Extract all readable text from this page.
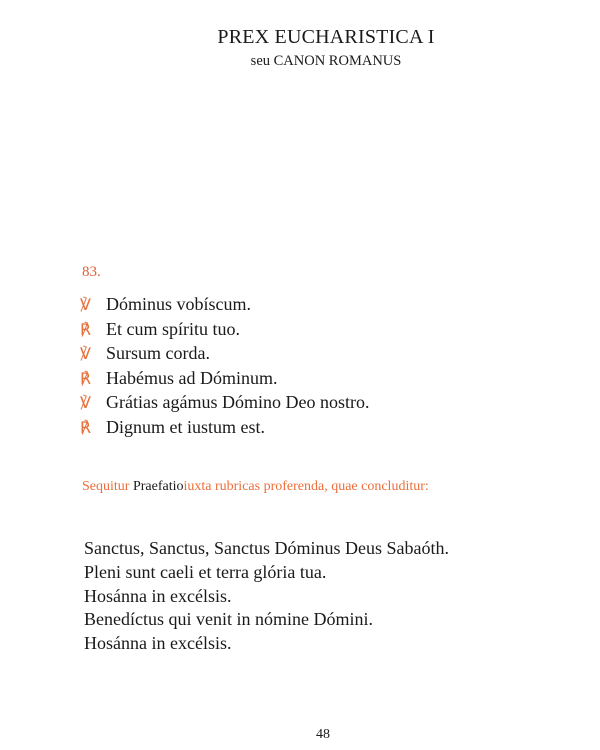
PREX EUCHARISTICA I
seu CANON ROMANUS
83.
℣ Dóminus vobíscum.
℟ Et cum spíritu tuo.
℣ Sursum corda.
℟ Habémus ad Dóminum.
℣ Grátias agámus Dómino Deo nostro.
℟ Dignum et iustum est.
Sequitur Praefatioiuxta rubricas proferenda, quae concluditur:
Sanctus, Sanctus, Sanctus Dóminus Deus Sabaóth.
Pleni sunt caeli et terra glória tua.
Hosánna in excélsis.
Benedíctus qui venit in nómine Dómini.
Hosánna in excélsis.
48
